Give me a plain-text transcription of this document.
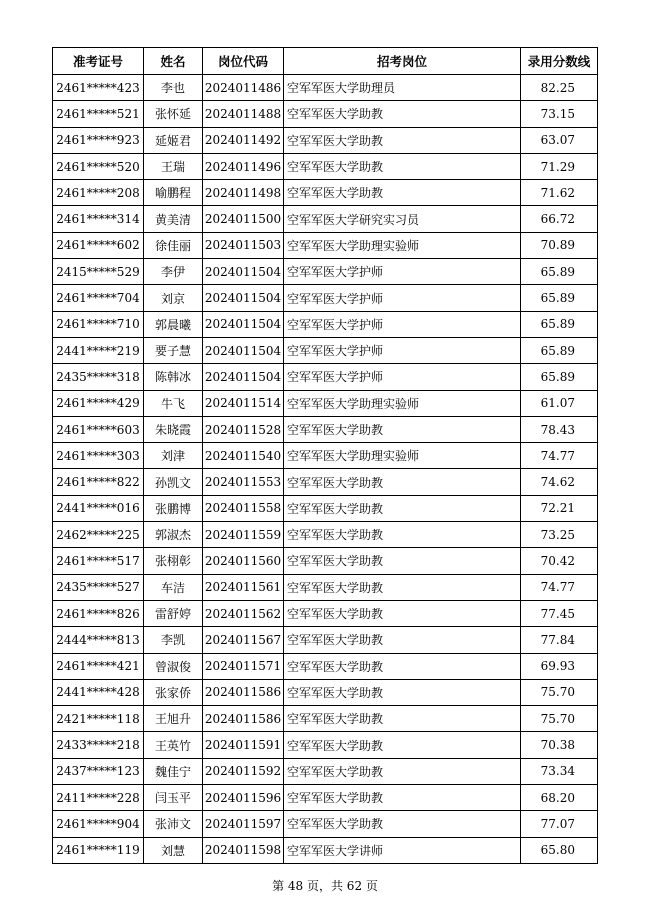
准考证号	姓名	岗位代码	招考岗位	录用分数线
2461*****423	李也	2024011486	空军军医大学助理员	82.25
2461*****521	张怀延	2024011488	空军军医大学助教	73.15
2461*****923	延姬君	2024011492	空军军医大学助教	63.07
2461*****520	王瑞	2024011496	空军军医大学助教	71.29
2461*****208	喻鹏程	2024011498	空军军医大学助教	71.62
2461*****314	黄美清	2024011500	空军军医大学研究实习员	66.72
2461*****602	徐佳丽	2024011503	空军军医大学助理实验师	70.89
2415*****529	李伊	2024011504	空军军医大学护师	65.89
2461*****704	刘京	2024011504	空军军医大学护师	65.89
2461*****710	郭晨曦	2024011504	空军军医大学护师	65.89
2441*****219	要子慧	2024011504	空军军医大学护师	65.89
2435*****318	陈韩冰	2024011504	空军军医大学护师	65.89
2461*****429	牛飞	2024011514	空军军医大学助理实验师	61.07
2461*****603	朱晓霞	2024011528	空军军医大学助教	78.43
2461*****303	刘津	2024011540	空军军医大学助理实验师	74.77
2461*****822	孙凯文	2024011553	空军军医大学助教	74.62
2441*****016	张鹏博	2024011558	空军军医大学助教	72.21
2462*****225	郭淑杰	2024011559	空军军医大学助教	73.25
2461*****517	张栩彰	2024011560	空军军医大学助教	70.42
2435*****527	车洁	2024011561	空军军医大学助教	74.77
2461*****826	雷舒婷	2024011562	空军军医大学助教	77.45
2444*****813	李凯	2024011567	空军军医大学助教	77.84
2461*****421	曾淑俊	2024011571	空军军医大学助教	69.93
2441*****428	张家侨	2024011586	空军军医大学助教	75.70
2421*****118	王旭升	2024011586	空军军医大学助教	75.70
2433*****218	王英竹	2024011591	空军军医大学助教	70.38
2437*****123	魏佳宁	2024011592	空军军医大学助教	73.34
2411*****228	闫玉平	2024011596	空军军医大学助教	68.20
2461*****904	张沛文	2024011597	空军军医大学助教	77.07
2461*****119	刘慧	2024011598	空军军医大学讲师	65.80
第 48 页，共 62 页
